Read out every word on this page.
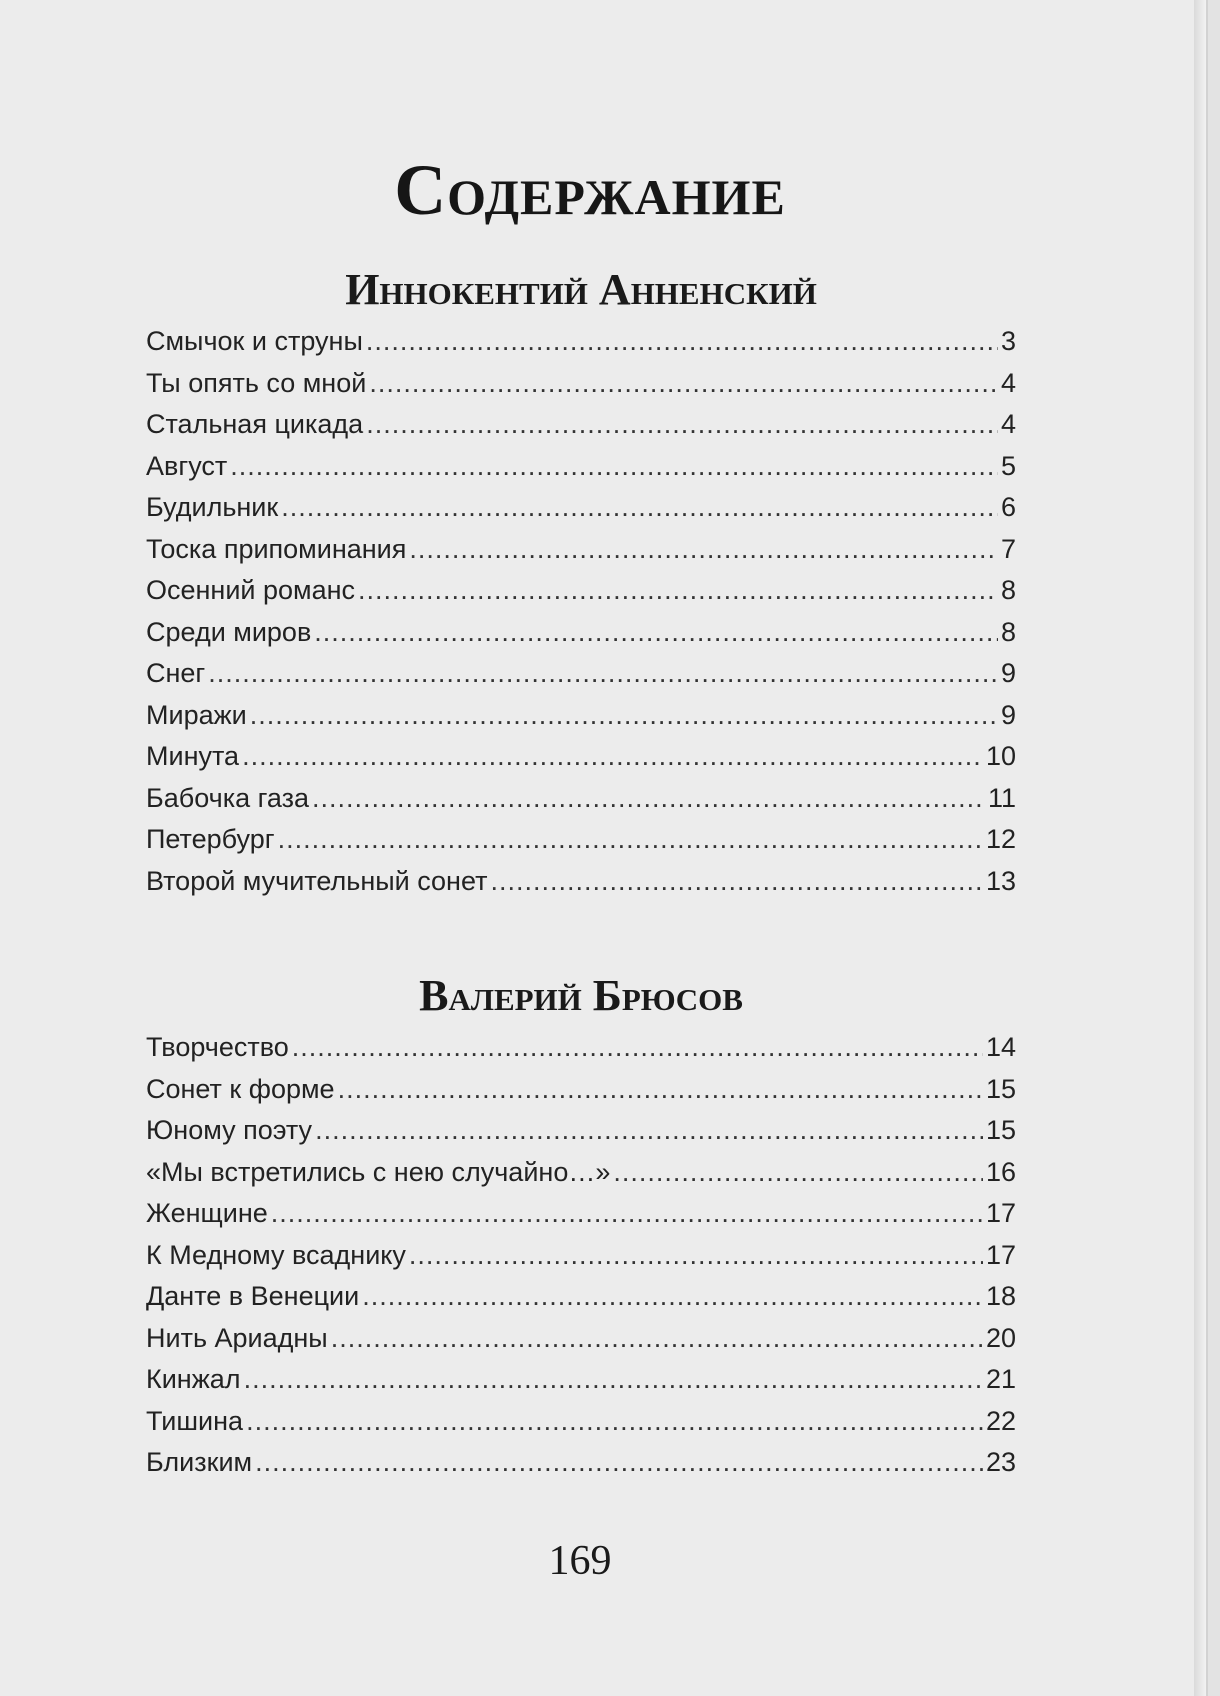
Содержание
Иннокентий Анненский
Смычок и струны .....	3
Ты опять со мной .....	4
Стальная цикада .....	4
Август .....	5
Будильник .....	6
Тоска припоминания .....	7
Осенний романс .....	8
Среди миров .....	8
Снег .....	9
Миражи .....	9
Минута .....	10
Бабочка газа .....	11
Петербург .....	12
Второй мучительный сонет .....	13
Валерий Брюсов
Творчество .....	14
Сонет к форме .....	15
Юному поэту .....	15
«Мы встретились с нею случайно…» .....	16
Женщине .....	17
К Медному всаднику .....	17
Данте в Венеции .....	18
Нить Ариадны .....	20
Кинжал .....	21
Тишина .....	22
Близким .....	23
169
